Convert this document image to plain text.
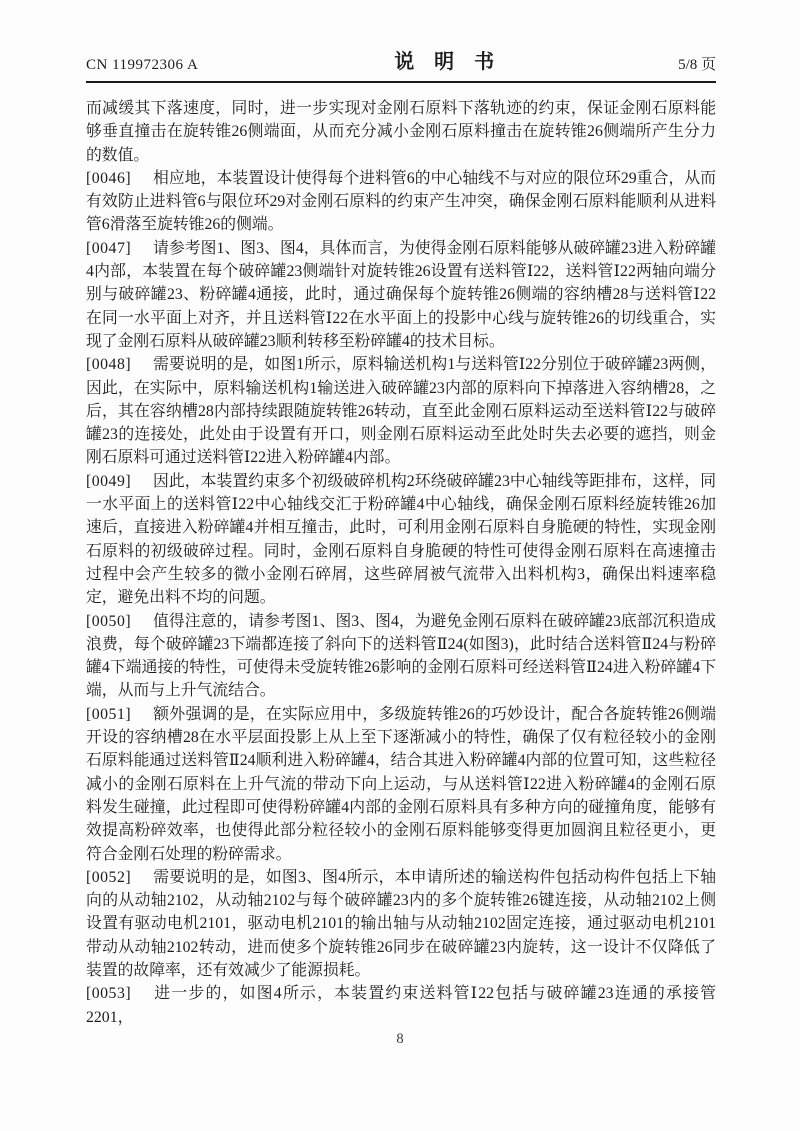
CN 119972306 A	说　明　书	5/8 页

而减缓其下落速度，同时，进一步实现对金刚石原料下落轨迹的约束，保证金刚石原料能够垂直撞击在旋转锥26侧端面，从而充分减小金刚石原料撞击在旋转锥26侧端所产生分力的数值。

[0046] 相应地，本装置设计使得每个进料管6的中心轴线不与对应的限位环29重合，从而有效防止进料管6与限位环29对金刚石原料的约束产生冲突，确保金刚石原料能顺利从进料管6滑落至旋转锥26的侧端。

[0047] 请参考图1、图3、图4，具体而言，为使得金刚石原料能够从破碎罐23进入粉碎罐4内部，本装置在每个破碎罐23侧端针对旋转锥26设置有送料管Ⅰ22，送料管Ⅰ22两轴向端分别与破碎罐23、粉碎罐4通接，此时，通过确保每个旋转锥26侧端的容纳槽28与送料管Ⅰ22在同一水平面上对齐，并且送料管Ⅰ22在水平面上的投影中心线与旋转锥26的切线重合，实现了金刚石原料从破碎罐23顺利转移至粉碎罐4的技术目标。

[0048] 需要说明的是，如图1所示，原料输送机构1与送料管Ⅰ22分别位于破碎罐23两侧，因此，在实际中，原料输送机构1输送进入破碎罐23内部的原料向下掉落进入容纳槽28，之后，其在容纳槽28内部持续跟随旋转锥26转动，直至此金刚石原料运动至送料管Ⅰ22与破碎罐23的连接处，此处由于设置有开口，则金刚石原料运动至此处时失去必要的遮挡，则金刚石原料可通过送料管Ⅰ22进入粉碎罐4内部。

[0049] 因此，本装置约束多个初级破碎机构2环绕破碎罐23中心轴线等距排布，这样，同一水平面上的送料管Ⅰ22中心轴线交汇于粉碎罐4中心轴线，确保金刚石原料经旋转锥26加速后，直接进入粉碎罐4并相互撞击，此时，可利用金刚石原料自身脆硬的特性，实现金刚石原料的初级破碎过程。同时，金刚石原料自身脆硬的特性可使得金刚石原料在高速撞击过程中会产生较多的微小金刚石碎屑，这些碎屑被气流带入出料机构3，确保出料速率稳定，避免出料不均的问题。

[0050] 值得注意的，请参考图1、图3、图4，为避免金刚石原料在破碎罐23底部沉积造成浪费，每个破碎罐23下端都连接了斜向下的送料管Ⅱ24(如图3)，此时结合送料管Ⅱ24与粉碎罐4下端通接的特性，可使得未受旋转锥26影响的金刚石原料可经送料管Ⅱ24进入粉碎罐4下端，从而与上升气流结合。

[0051] 额外强调的是，在实际应用中，多级旋转锥26的巧妙设计，配合各旋转锥26侧端开设的容纳槽28在水平层面投影上从上至下逐渐减小的特性，确保了仅有粒径较小的金刚石原料能通过送料管Ⅱ24顺利进入粉碎罐4，结合其进入粉碎罐4内部的位置可知，这些粒径减小的金刚石原料在上升气流的带动下向上运动，与从送料管Ⅰ22进入粉碎罐4的金刚石原料发生碰撞，此过程即可使得粉碎罐4内部的金刚石原料具有多种方向的碰撞角度，能够有效提高粉碎效率，也使得此部分粒径较小的金刚石原料能够变得更加圆润且粒径更小，更符合金刚石处理的粉碎需求。

[0052] 需要说明的是，如图3、图4所示，本申请所述的输送构件包括动构件包括上下轴向的从动轴2102，从动轴2102与每个破碎罐23内的多个旋转锥26键连接，从动轴2102上侧设置有驱动电机2101，驱动电机2101的输出轴与从动轴2102固定连接，通过驱动电机2101带动从动轴2102转动，进而使多个旋转锥26同步在破碎罐23内旋转，这一设计不仅降低了装置的故障率，还有效减少了能源损耗。

[0053] 进一步的，如图4所示，本装置约束送料管Ⅰ22包括与破碎罐23连通的承接管2201，

8
